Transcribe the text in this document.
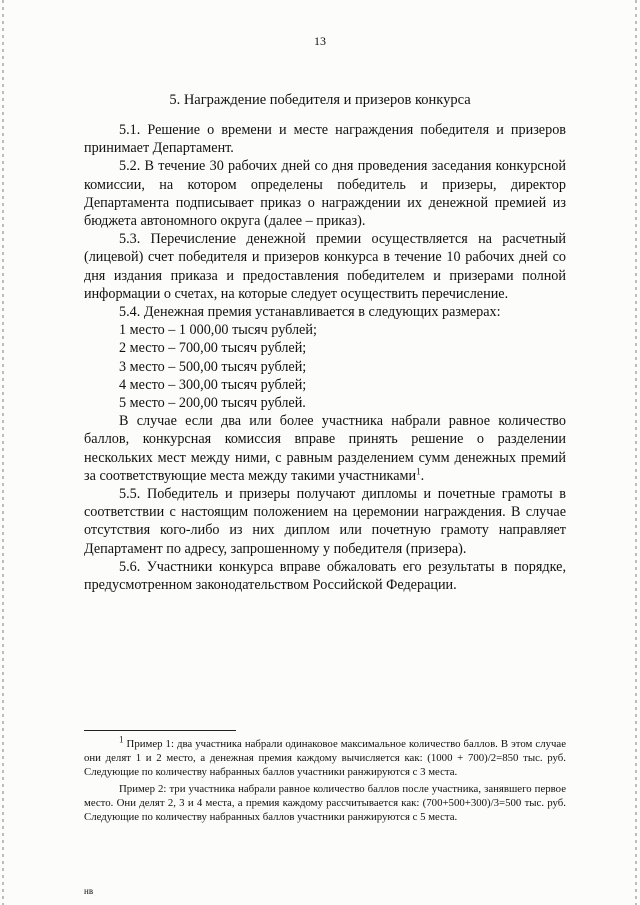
13
5. Награждение победителя и призеров конкурса

5.1. Решение о времени и месте награждения победителя и призеров принимает Департамент.

5.2. В течение 30 рабочих дней со дня проведения заседания конкурсной комиссии, на котором определены победитель и призеры, директор Департамента подписывает приказ о награждении их денежной премией из бюджета автономного округа (далее – приказ).

5.3. Перечисление денежной премии осуществляется на расчетный (лицевой) счет победителя и призеров конкурса в течение 10 рабочих дней со дня издания приказа и предоставления победителем и призерами полной информации о счетах, на которые следует осуществить перечисление.

5.4. Денежная премия устанавливается в следующих размерах:

1 место – 1 000,00 тысяч рублей;

2 место – 700,00 тысяч рублей;

3 место – 500,00 тысяч рублей;

4 место – 300,00 тысяч рублей;

5 место – 200,00 тысяч рублей.

В случае если два или более участника набрали равное количество баллов, конкурсная комиссия вправе принять решение о разделении нескольких мест между ними, с равным разделением сумм денежных премий за соответствующие места между такими участниками$^1$.

5.5. Победитель и призеры получают дипломы и почетные грамоты в соответствии с настоящим положением на церемонии награждения. В случае отсутствия кого-либо из них диплом или почетную грамоту направляет Департамент по адресу, запрошенному у победителя (призера).

5.6. Участники конкурса вправе обжаловать его результаты в порядке, предусмотренном законодательством Российской Федерации.

$^1$ Пример 1: два участника набрали одинаковое максимальное количество баллов. В этом случае они делят 1 и 2 место, а денежная премия каждому вычисляется как: (1000 + 700)/2=850 тыс. руб. Следующие по количеству набранных баллов участники ранжируются с 3 места.

Пример 2: три участника набрали равное количество баллов после участника, занявшего первое место. Они делят 2, 3 и 4 места, а премия каждому рассчитывается как: (700+500+300)/3=500 тыс. руб. Следующие по количеству набранных баллов участники ранжируются с 5 места.

нв
